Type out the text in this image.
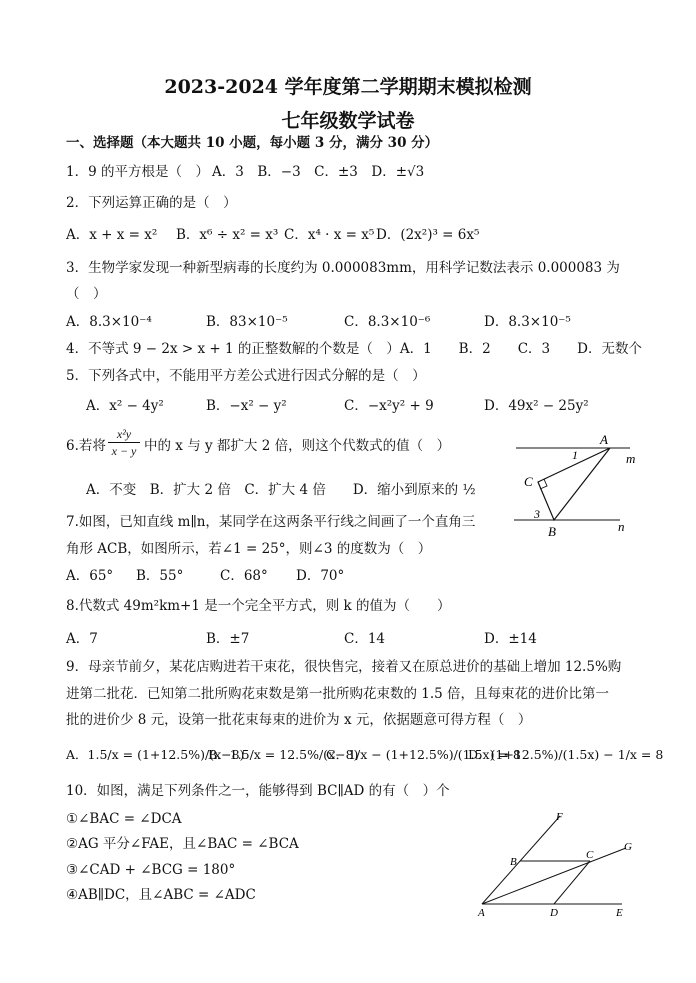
2023-2024 学年度第二学期期末模拟检测
七年级数学试卷
一、选择题（本大题共 10 小题，每小题 3 分，满分 30 分）
1．9 的平方根是（　） A．3　B．−3　C．±3　D．±√3
2．下列运算正确的是（　）
A．x + x = x² B．x⁶ ÷ x² = x³ C．x⁴ · x = x⁵ D．(2x²)³ = 6x⁵
3．生物学家发现一种新型病毒的长度约为 0.000083mm，用科学记数法表示 0.000083 为
（　）
A．8.3×10⁻⁴	B．83×10⁻⁵	C．8.3×10⁻⁶	D．8.3×10⁻⁵
4．不等式 9 − 2x > x + 1 的正整数解的个数是（　）A．1　　B．2　　C．3　　D．无数个
5．下列各式中，不能用平方差公式进行因式分解的是（　）
A．x² − 4y²	B．−x² − y²	C．−x²y² + 9	D．49x² − 25y²
6.若将 $\frac{\text{x²y}}{x - y}$ 中的 x 与 y 都扩大 2 倍，则这个代数式的值（　）
A．不变　B．扩大 2 倍　C．扩大 4 倍　　D．缩小到原来的 ½
7.如图，已知直线 m∥n，某同学在这两条平行线之间画了一个直角三
角形 ACB，如图所示，若∠1 = 25°，则∠3 的度数为（　）
A．65° B．55°	C．68° D．70°
A
1	m
C
3
B	n
8.代数式 49m²km+1 是一个完全平方式，则 k 的值为（　　）
A．7	B．±7	C．14	D．±14
9．母亲节前夕，某花店购进若干束花，很快售完，接着又在原总进价的基础上增加 12.5%购
进第二批花．已知第二批所购花束数是第一批所购花束数的 1.5 倍，且每束花的进价比第一
批的进价少 8 元，设第一批花束每束的进价为 x 元，依据题意可得方程（　）
A．1.5/x = (1+12.5%)/(x−8)
B．1.5/x = 12.5%/(x−8)
C．1/x − (1+12.5%)/(1.5x) = 8
D．(1+12.5%)/(1.5x) − 1/x = 8
10．如图，满足下列条件之一，能够得到 BC∥AD 的有（　）个
①∠BAC = ∠DCA
②AG 平分∠FAE，且∠BAC = ∠BCA
③∠CAD + ∠BCG = 180°
④AB∥DC，且∠ABC = ∠ADC
F
B
C
G
A	D	E
